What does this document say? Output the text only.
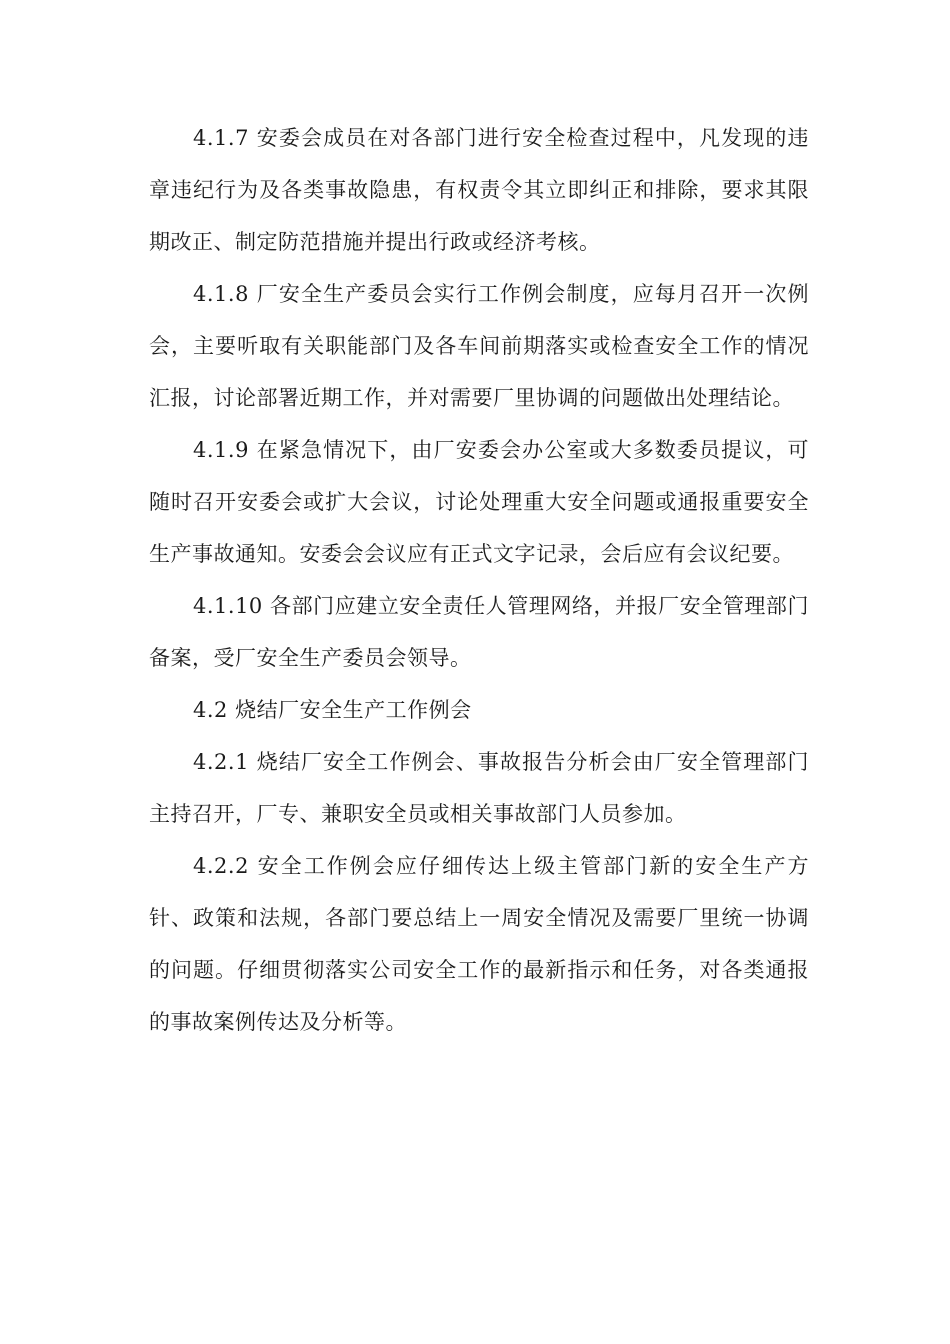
4.1.7 安委会成员在对各部门进行安全检查过程中，凡发现的违章违纪行为及各类事故隐患，有权责令其立即纠正和排除，要求其限期改正、制定防范措施并提出行政或经济考核。

4.1.8 厂安全生产委员会实行工作例会制度，应每月召开一次例会，主要听取有关职能部门及各车间前期落实或检查安全工作的情况汇报，讨论部署近期工作，并对需要厂里协调的问题做出处理结论。

4.1.9 在紧急情况下，由厂安委会办公室或大多数委员提议，可随时召开安委会或扩大会议，讨论处理重大安全问题或通报重要安全生产事故通知。安委会会议应有正式文字记录，会后应有会议纪要。

4.1.10 各部门应建立安全责任人管理网络，并报厂安全管理部门备案，受厂安全生产委员会领导。

4.2 烧结厂安全生产工作例会

4.2.1 烧结厂安全工作例会、事故报告分析会由厂安全管理部门主持召开，厂专、兼职安全员或相关事故部门人员参加。

4.2.2 安全工作例会应仔细传达上级主管部门新的安全生产方针、政策和法规，各部门要总结上一周安全情况及需要厂里统一协调的问题。仔细贯彻落实公司安全工作的最新指示和任务，对各类通报的事故案例传达及分析等。
